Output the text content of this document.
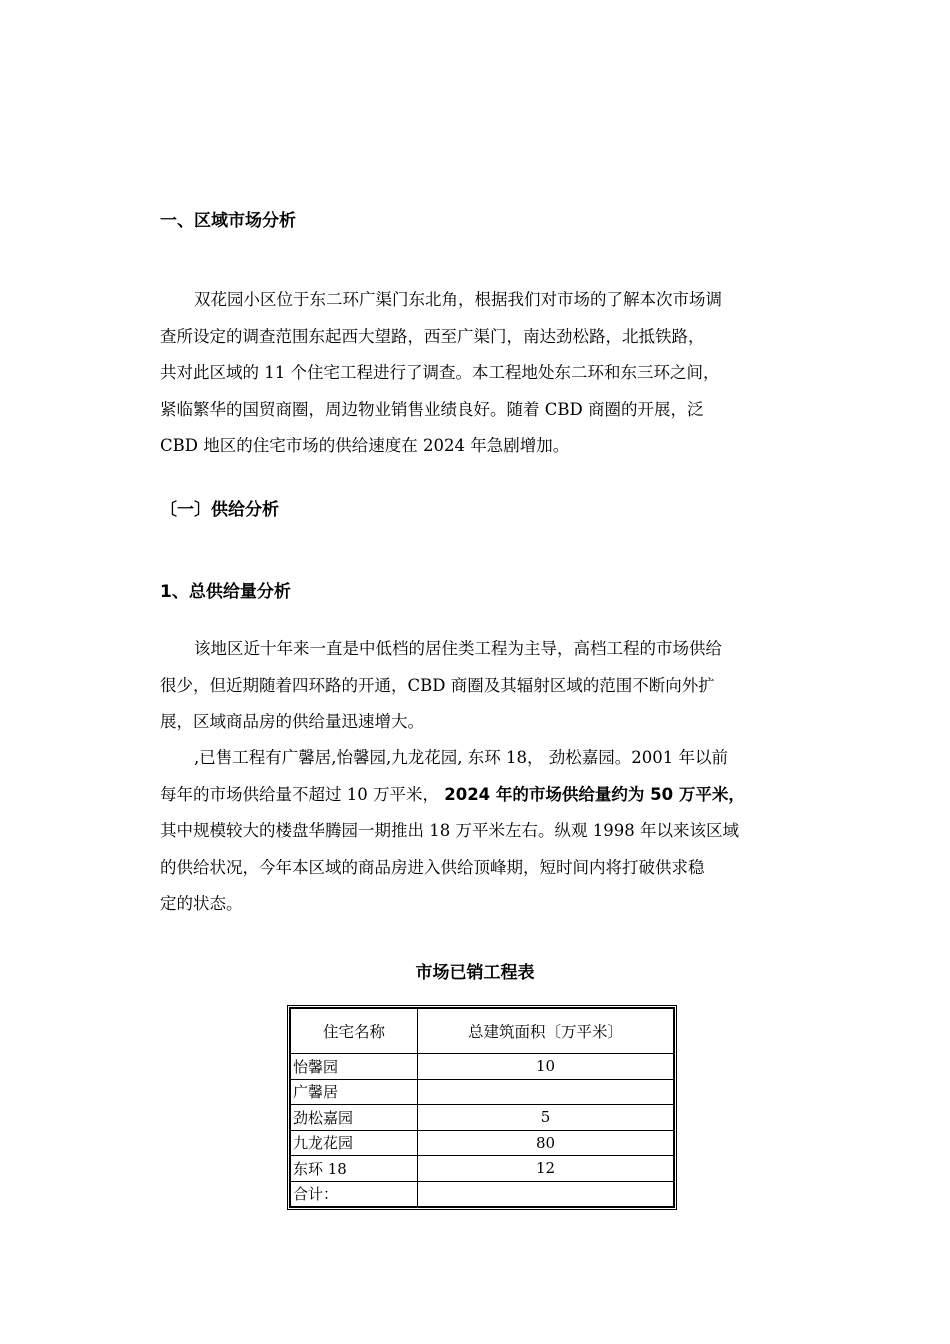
一、区域市场分析
双花园小区位于东二环广渠门东北角，根据我们对市场的了解本次市场调
查所设定的调查范围东起西大望路，西至广渠门，南达劲松路，北抵铁路，
共对此区域的 11 个住宅工程进行了调查。本工程地处东二环和东三环之间，
紧临繁华的国贸商圈，周边物业销售业绩良好。随着 CBD 商圈的开展，泛
CBD 地区的住宅市场的供给速度在 2024 年急剧增加。
〔一〕供给分析
1、总供给量分析
该地区近十年来一直是中低档的居住类工程为主导，高档工程的市场供给
很少，但近期随着四环路的开通，CBD 商圈及其辐射区域的范围不断向外扩
展，区域商品房的供给量迅速增大。
,已售工程有广馨居,怡馨园,九龙花园, 东环 18， 劲松嘉园。2001 年以前
每年的市场供给量不超过 10 万平米， 2024 年的市场供给量约为 50 万平米，
其中规模较大的楼盘华腾园一期推出 18 万平米左右。纵观 1998 年以来该区域
的供给状况，今年本区域的商品房进入供给顶峰期，短时间内将打破供求稳
定的状态。
市场已销工程表
住宅名称	总建筑面积〔万平米〕
怡馨园	10
广馨居	
劲松嘉园	5
九龙花园	80
东环 18	12
合计：	
